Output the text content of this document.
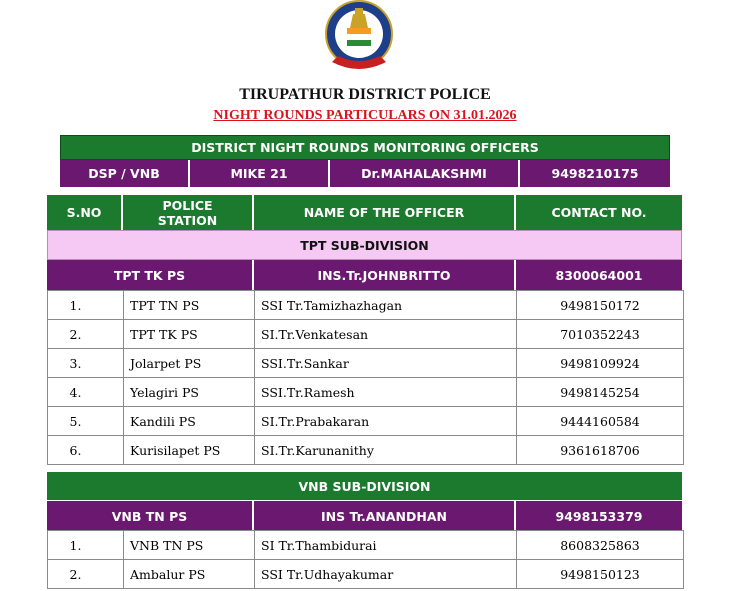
TIRUPATHUR DISTRICT POLICE
NIGHT ROUNDS PARTICULARS ON 31.01.2026
DISTRICT NIGHT ROUNDS MONITORING OFFICERS
DSP / VNB	MIKE 21	Dr.MAHALAKSHMI	9498210175
S.NO	POLICE STATION	NAME OF THE OFFICER	CONTACT NO.
TPT SUB-DIVISION
TPT TK PS	INS.Tr.JOHNBRITTO	8300064001
1.	TPT TN PS	SSI Tr.Tamizhazhagan	9498150172
2.	TPT TK PS	SI.Tr.Venkatesan	7010352243
3.	Jolarpet PS	SSI.Tr.Sankar	9498109924
4.	Yelagiri PS	SSI.Tr.Ramesh	9498145254
5.	Kandili PS	SI.Tr.Prabakaran	9444160584
6.	Kurisilapet PS	SI.Tr.Karunanithy	9361618706
VNB SUB-DIVISION
VNB TN PS	INS Tr.ANANDHAN	9498153379
1.	VNB TN PS	SI Tr.Thambidurai	8608325863
2.	Ambalur PS	SSI Tr.Udhayakumar	9498150123
